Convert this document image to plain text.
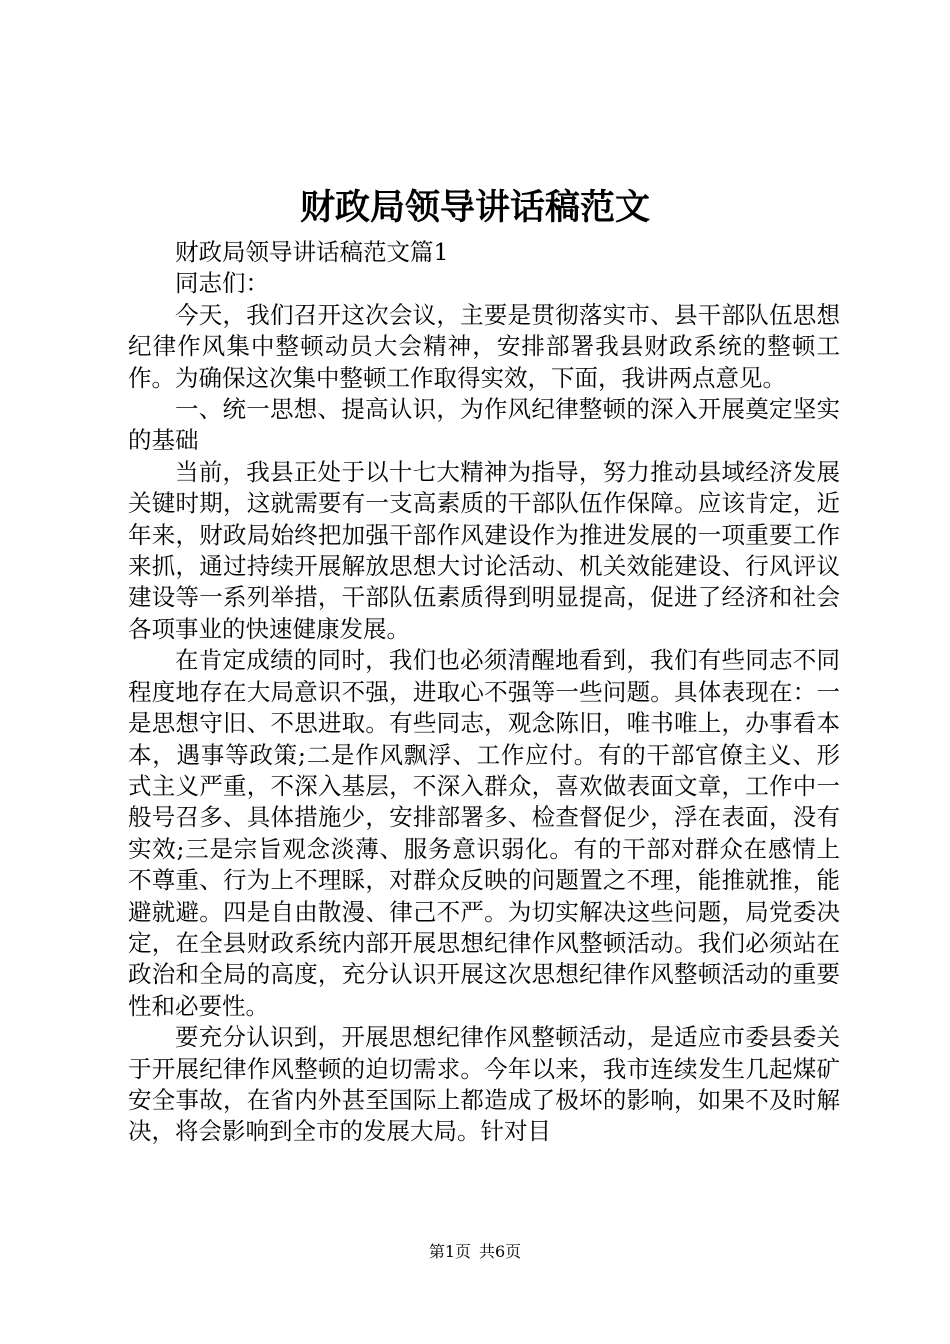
财政局领导讲话稿范文

财政局领导讲话稿范文篇1

同志们：

今天，我们召开这次会议，主要是贯彻落实市、县干部队伍思想纪律作风集中整顿动员大会精神，安排部署我县财政系统的整顿工作。为确保这次集中整顿工作取得实效，下面，我讲两点意见。

一、统一思想、提高认识，为作风纪律整顿的深入开展奠定坚实的基础

当前，我县正处于以十七大精神为指导，努力推动县域经济发展关键时期，这就需要有一支高素质的干部队伍作保障。应该肯定，近年来，财政局始终把加强干部作风建设作为推进发展的一项重要工作来抓，通过持续开展解放思想大讨论活动、机关效能建设、行风评议建设等一系列举措，干部队伍素质得到明显提高，促进了经济和社会各项事业的快速健康发展。

在肯定成绩的同时，我们也必须清醒地看到，我们有些同志不同程度地存在大局意识不强，进取心不强等一些问题。具体表现在：一是思想守旧、不思进取。有些同志，观念陈旧，唯书唯上，办事看本本，遇事等政策;二是作风飘浮、工作应付。有的干部官僚主义、形式主义严重，不深入基层，不深入群众，喜欢做表面文章，工作中一般号召多、具体措施少，安排部署多、检查督促少，浮在表面，没有实效;三是宗旨观念淡薄、服务意识弱化。有的干部对群众在感情上不尊重、行为上不理睬，对群众反映的问题置之不理，能推就推，能避就避。四是自由散漫、律己不严。为切实解决这些问题，局党委决定，在全县财政系统内部开展思想纪律作风整顿活动。我们必须站在政治和全局的高度，充分认识开展这次思想纪律作风整顿活动的重要性和必要性。

要充分认识到，开展思想纪律作风整顿活动，是适应市委县委关于开展纪律作风整顿的迫切需求。今年以来，我市连续发生几起煤矿安全事故，在省内外甚至国际上都造成了极坏的影响，如果不及时解决，将会影响到全市的发展大局。针对目

第1页 共6页
